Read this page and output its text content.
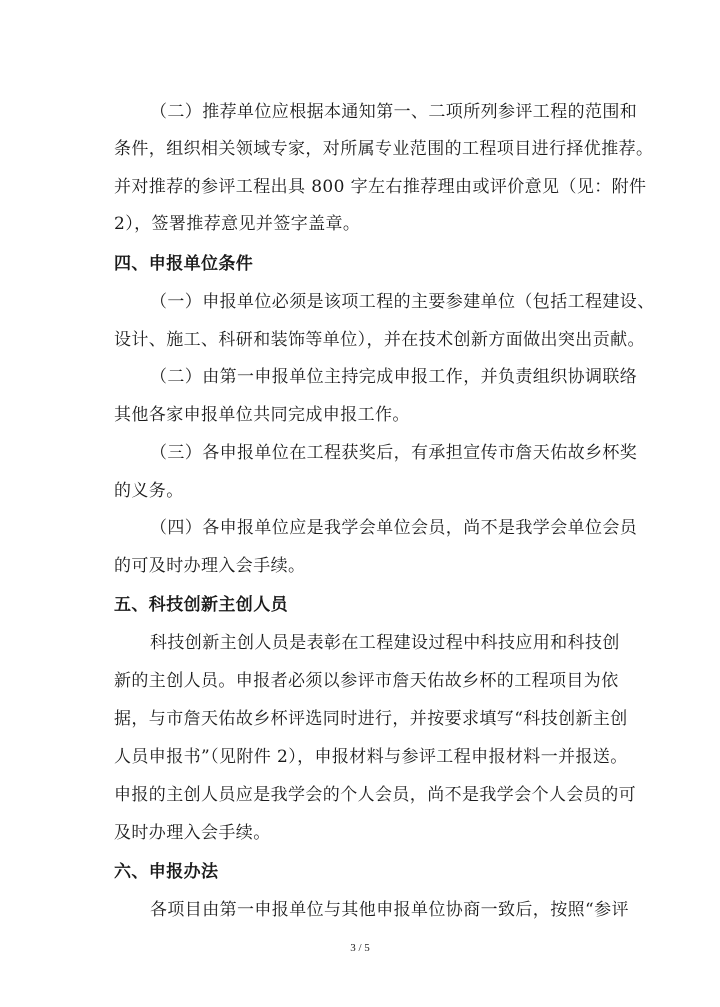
（二）推荐单位应根据本通知第一、二项所列参评工程的范围和
条件，组织相关领域专家，对所属专业范围的工程项目进行择优推荐。
并对推荐的参评工程出具 800 字左右推荐理由或评价意见（见：附件
2），签署推荐意见并签字盖章。
四、申报单位条件
（一）申报单位必须是该项工程的主要参建单位（包括工程建设、
设计、施工、科研和装饰等单位），并在技术创新方面做出突出贡献。
（二）由第一申报单位主持完成申报工作，并负责组织协调联络
其他各家申报单位共同完成申报工作。
（三）各申报单位在工程获奖后，有承担宣传市詹天佑故乡杯奖
的义务。
（四）各申报单位应是我学会单位会员，尚不是我学会单位会员
的可及时办理入会手续。
五、科技创新主创人员
科技创新主创人员是表彰在工程建设过程中科技应用和科技创
新的主创人员。申报者必须以参评市詹天佑故乡杯的工程项目为依
据，与市詹天佑故乡杯评选同时进行，并按要求填写“科技创新主创
人员申报书”（见附件 2），申报材料与参评工程申报材料一并报送。
申报的主创人员应是我学会的个人会员，尚不是我学会个人会员的可
及时办理入会手续。
六、申报办法
各项目由第一申报单位与其他申报单位协商一致后，按照“参评
3 / 5
